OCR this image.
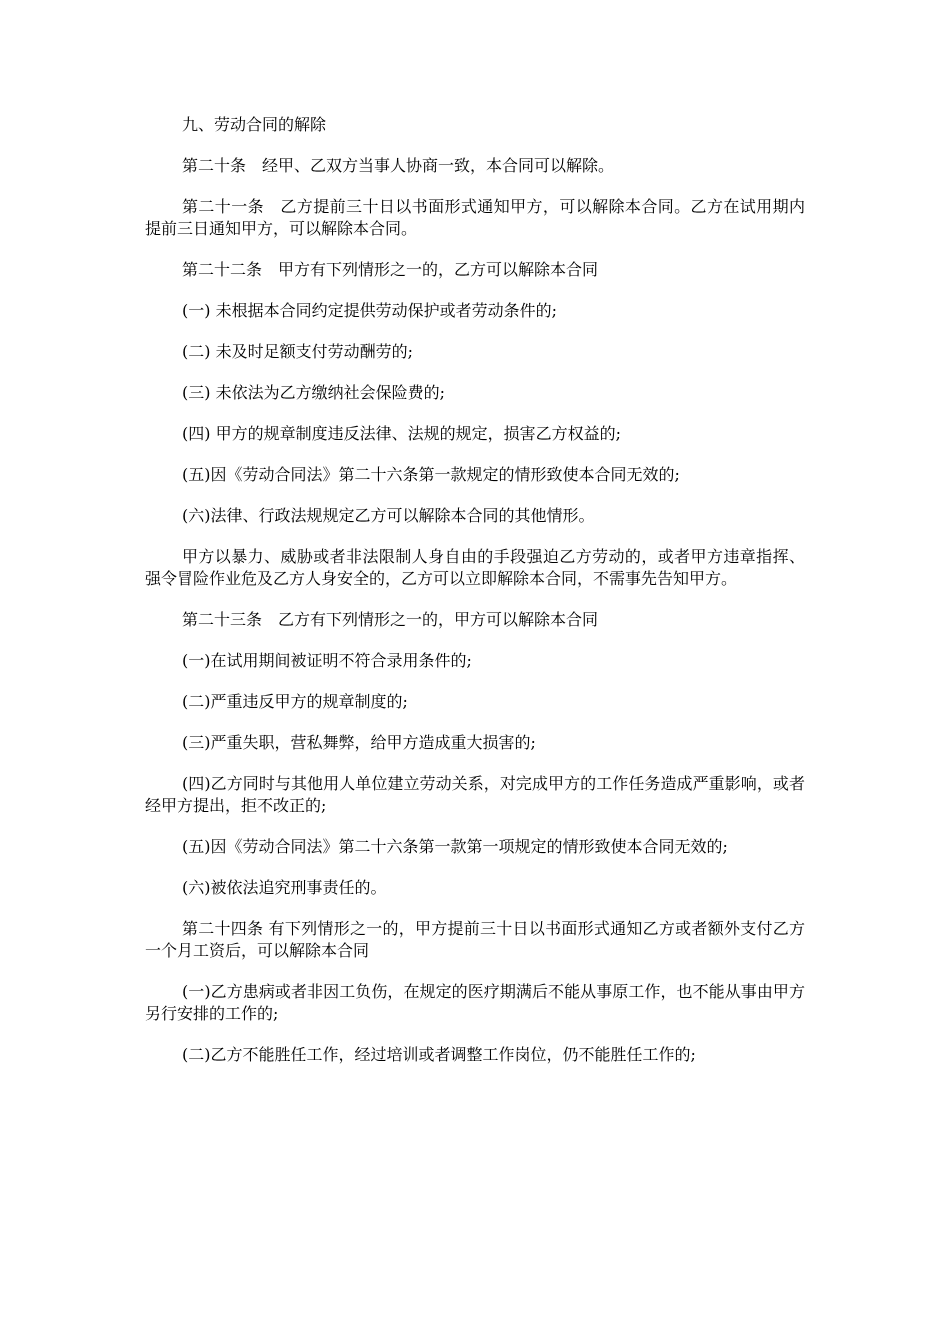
九、劳动合同的解除

第二十条　经甲、乙双方当事人协商一致，本合同可以解除。

第二十一条　乙方提前三十日以书面形式通知甲方，可以解除本合同。乙方在试用期内提前三日通知甲方，可以解除本合同。

第二十二条　甲方有下列情形之一的，乙方可以解除本合同

(一) 未根据本合同约定提供劳动保护或者劳动条件的;

(二) 未及时足额支付劳动酬劳的;

(三) 未依法为乙方缴纳社会保险费的;

(四) 甲方的规章制度违反法律、法规的规定，损害乙方权益的;

(五)因《劳动合同法》第二十六条第一款规定的情形致使本合同无效的;

(六)法律、行政法规规定乙方可以解除本合同的其他情形。

甲方以暴力、威胁或者非法限制人身自由的手段强迫乙方劳动的，或者甲方违章指挥、强令冒险作业危及乙方人身安全的，乙方可以立即解除本合同，不需事先告知甲方。

第二十三条　乙方有下列情形之一的，甲方可以解除本合同

(一)在试用期间被证明不符合录用条件的;

(二)严重违反甲方的规章制度的;

(三)严重失职，营私舞弊，给甲方造成重大损害的;

(四)乙方同时与其他用人单位建立劳动关系，对完成甲方的工作任务造成严重影响，或者经甲方提出，拒不改正的;

(五)因《劳动合同法》第二十六条第一款第一项规定的情形致使本合同无效的;

(六)被依法追究刑事责任的。

第二十四条 有下列情形之一的，甲方提前三十日以书面形式通知乙方或者额外支付乙方一个月工资后，可以解除本合同

(一)乙方患病或者非因工负伤，在规定的医疗期满后不能从事原工作，也不能从事由甲方另行安排的工作的;

(二)乙方不能胜任工作，经过培训或者调整工作岗位，仍不能胜任工作的;
